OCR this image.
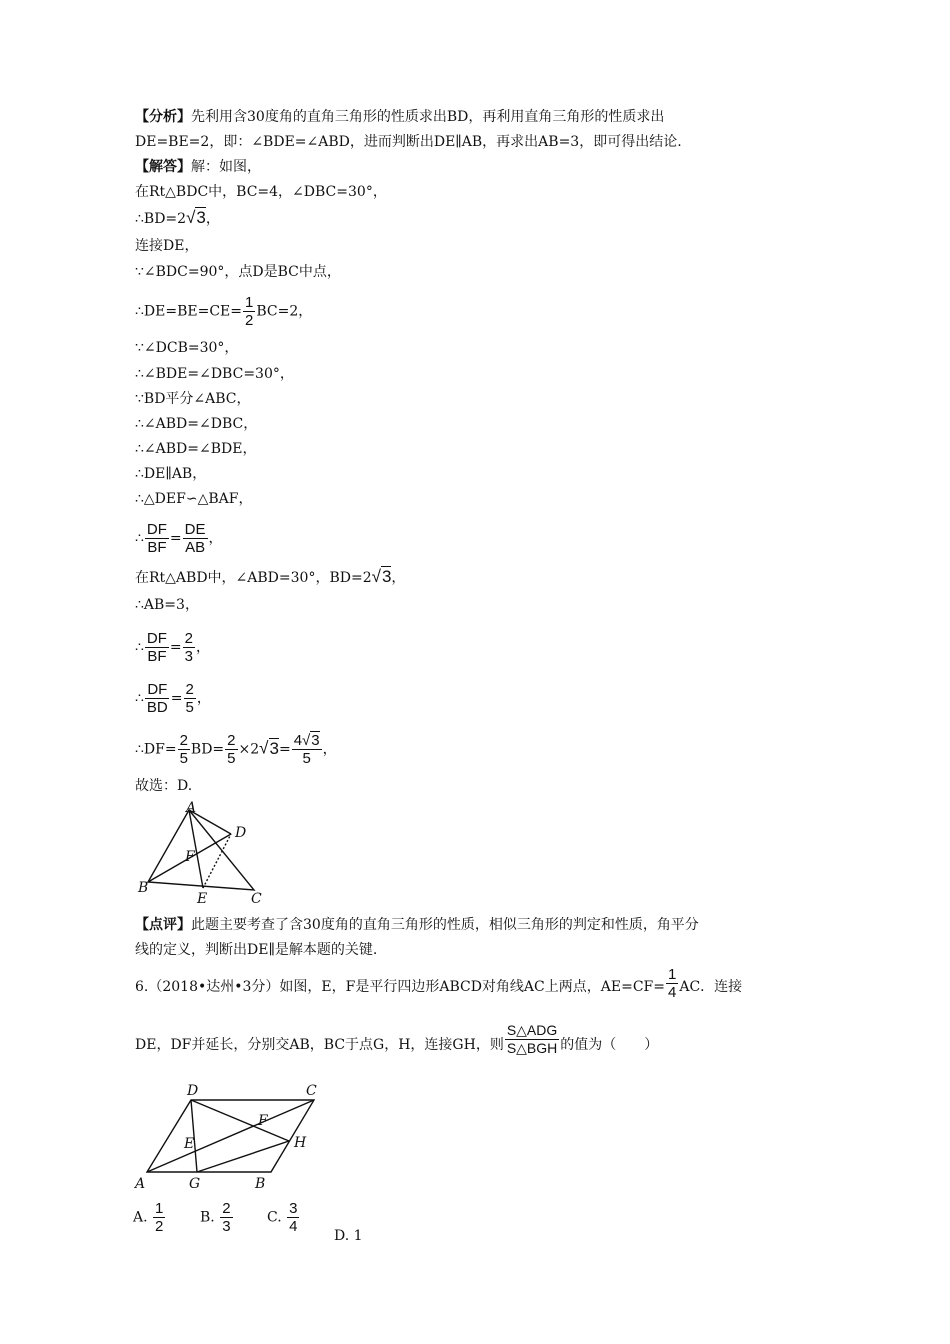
【分析】先利用含30度角的直角三角形的性质求出BD，再利用直角三角形的性质求出
DE=BE=2，即：∠BDE=∠ABD，进而判断出DE∥AB，再求出AB=3，即可得出结论.
【解答】解：如图，
在Rt△BDC中，BC=4，∠DBC=30°，
∴BD=2√3，
连接DE，
∵∠BDC=90°，点D是BC中点，
∴DE=BE=CE= $\frac{1}{2} BC=2$，
∵∠DCB=30°，
∴∠BDE=∠DBC=30°，
∵BD平分∠ABC，
∴∠ABD=∠DBC，
∴∠ABD=∠BDE，
∴DE∥AB，
∴△DEF∽△BAF，
∴ $\frac{DF}{BF} = \frac{DE}{AB}$ ，
在Rt△ABD中，∠ABD=30°，BD=2√3，
∴AB=3，
∴ $\frac{DF}{BF} = \frac{2}{3}$ ，
∴ $\frac{DF}{BD} = \frac{2}{5}$ ，
∴DF= $\frac{2}{5} BD= \frac{2}{5} \times 2√3= \frac{4√3}{5}$ ，
故选：D.
A
D
F
B
E	C
【点评】此题主要考查了含30度角的直角三角形的性质，相似三角形的判定和性质，角平分
线的定义，判断出DE∥是解本题的关键.
6.（2018•达州•3分）如图，E，F是平行四边形ABCD对角线AC上两点，$AE=CF= \frac{1}{4}$ AC．连接
DE，DF并延长，分别交AB，BC于点G，H，连接GH，则 $\frac{\text{S△ADG}}{\text{S△BGH}}$ 的值为（　　）
D	C
F
H
E
A	G	B
A. $\frac{1}{2} B$. $\frac{2}{3} C$. $\frac{3}{4}$
D. 1
